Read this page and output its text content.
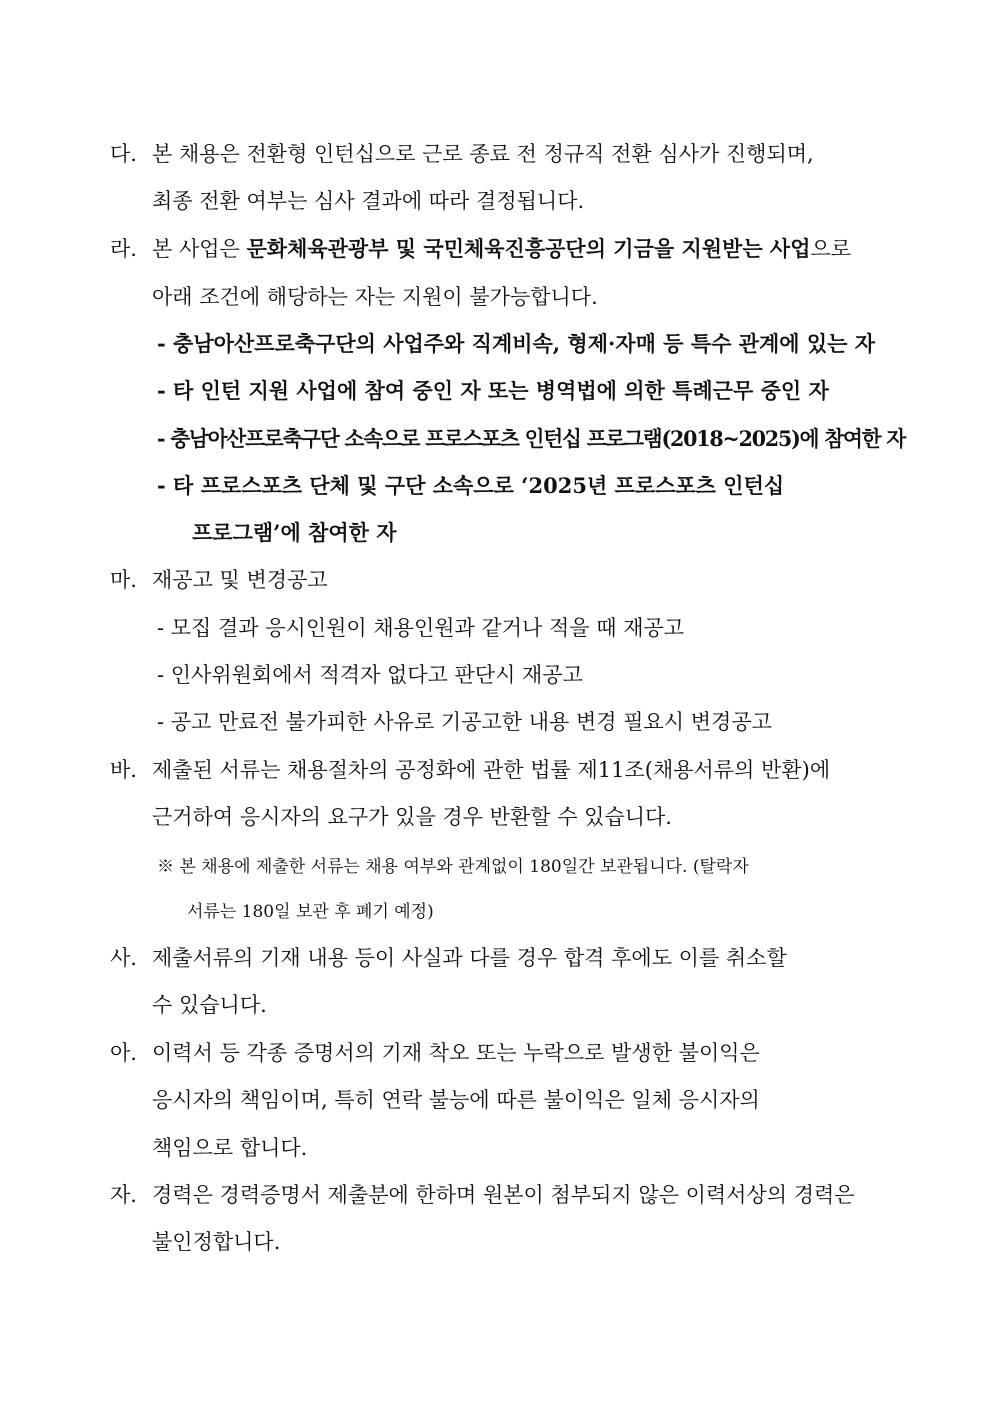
다. 본 채용은 전환형 인턴십으로 근로 종료 전 정규직 전환 심사가 진행되며,
최종 전환 여부는 심사 결과에 따라 결정됩니다.
라. 본 사업은 문화체육관광부 및 국민체육진흥공단의 기금을 지원받는 사업으로
아래 조건에 해당하는 자는 지원이 불가능합니다.
- 충남아산프로축구단의 사업주와 직계비속, 형제·자매 등 특수 관계에 있는 자
- 타 인턴 지원 사업에 참여 중인 자 또는 병역법에 의한 특례근무 중인 자
- 충남아산프로축구단 소속으로 프로스포츠 인턴십 프로그램(2018~2025)에 참여한 자
- 타 프로스포츠 단체 및 구단 소속으로 ‘2025년 프로스포츠 인턴십
프로그램’에 참여한 자
마. 재공고 및 변경공고
- 모집 결과 응시인원이 채용인원과 같거나 적을 때 재공고
- 인사위원회에서 적격자 없다고 판단시 재공고
- 공고 만료전 불가피한 사유로 기공고한 내용 변경 필요시 변경공고
바. 제출된 서류는 채용절차의 공정화에 관한 법률 제11조(채용서류의 반환)에
근거하여 응시자의 요구가 있을 경우 반환할 수 있습니다.
※ 본 채용에 제출한 서류는 채용 여부와 관계없이 180일간 보관됩니다. (탈락자
서류는 180일 보관 후 폐기 예정)
사. 제출서류의 기재 내용 등이 사실과 다를 경우 합격 후에도 이를 취소할
수 있습니다.
아. 이력서 등 각종 증명서의 기재 착오 또는 누락으로 발생한 불이익은
응시자의 책임이며, 특히 연락 불능에 따른 불이익은 일체 응시자의
책임으로 합니다.
자. 경력은 경력증명서 제출분에 한하며 원본이 첨부되지 않은 이력서상의 경력은
불인정합니다.
